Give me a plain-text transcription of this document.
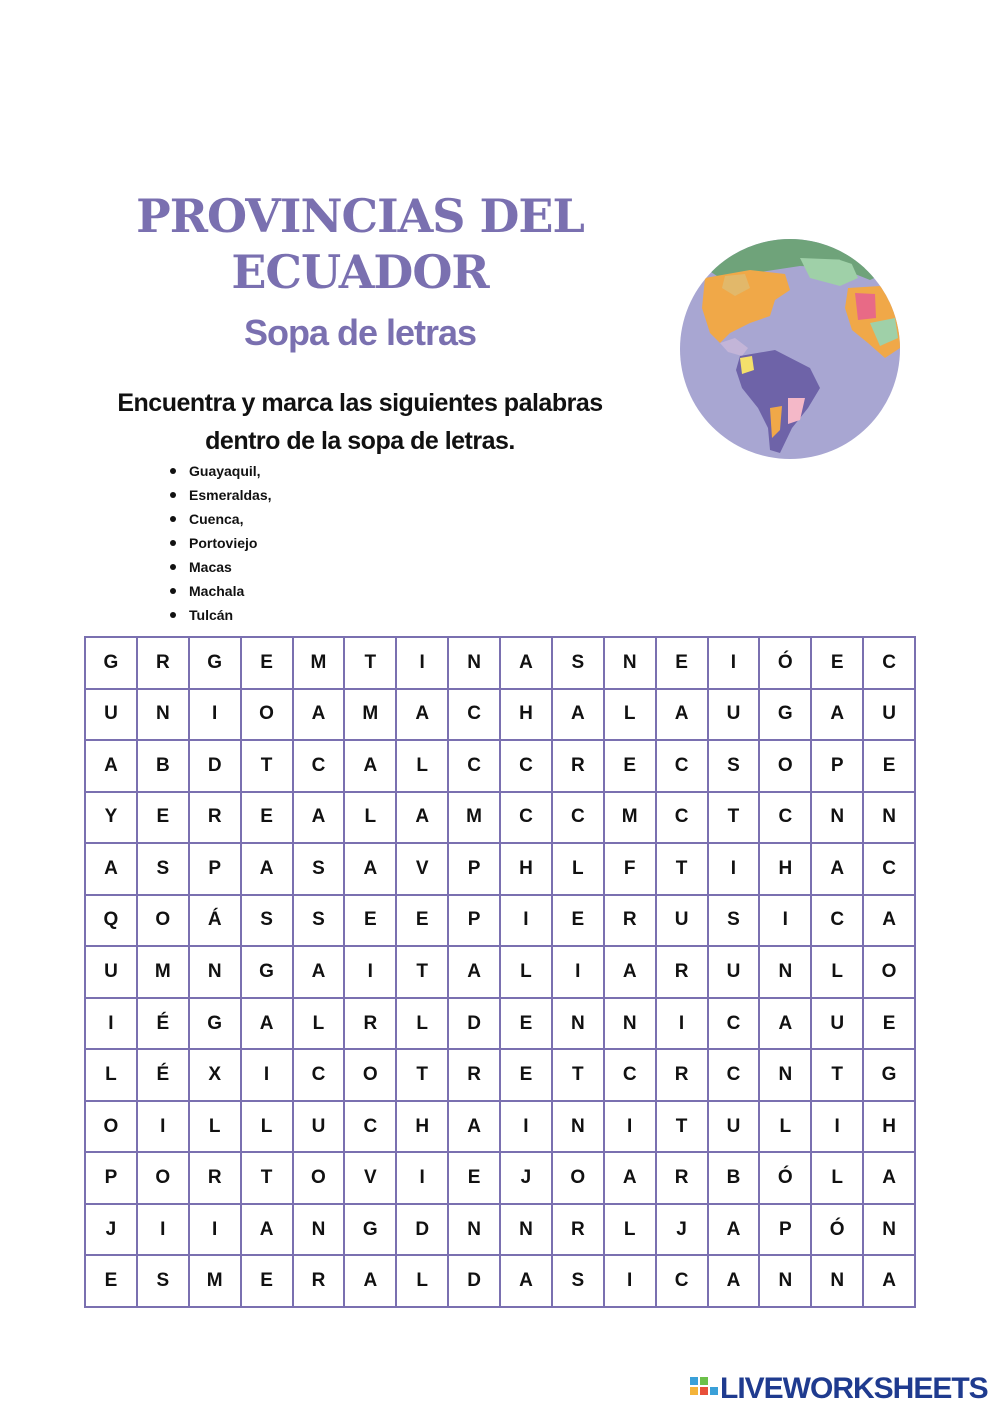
PROVINCIAS DEL
ECUADOR
Sopa de letras
Encuentra y marca las siguientes palabras
dentro de la sopa de letras.
Guayaquil,
Esmeraldas,
Cuenca,
Portoviejo
Macas
Machala
Tulcán
G	R	G	E	M	T	I	N	A	S	N	E	I	Ó	E	C
U	N	I	O	A	M	A	C	H	A	L	A	U	G	A	U
A	B	D	T	C	A	L	C	C	R	E	C	S	O	P	E
Y	E	R	E	A	L	A	M	C	C	M	C	T	C	N	N
A	S	P	A	S	A	V	P	H	L	F	T	I	H	A	C
Q	O	Á	S	S	E	E	P	I	E	R	U	S	I	C	A
U	M	N	G	A	I	T	A	L	I	A	R	U	N	L	O
I	É	G	A	L	R	L	D	E	N	N	I	C	A	U	E
L	É	X	I	C	O	T	R	E	T	C	R	C	N	T	G
O	I	L	L	U	C	H	A	I	N	I	T	U	L	I	H
P	O	R	T	O	V	I	E	J	O	A	R	B	Ó	L	A
J	I	I	A	N	G	D	N	N	R	L	J	A	P	Ó	N
E	S	M	E	R	A	L	D	A	S	I	C	A	N	N	A
LIVEWORKSHEETS
